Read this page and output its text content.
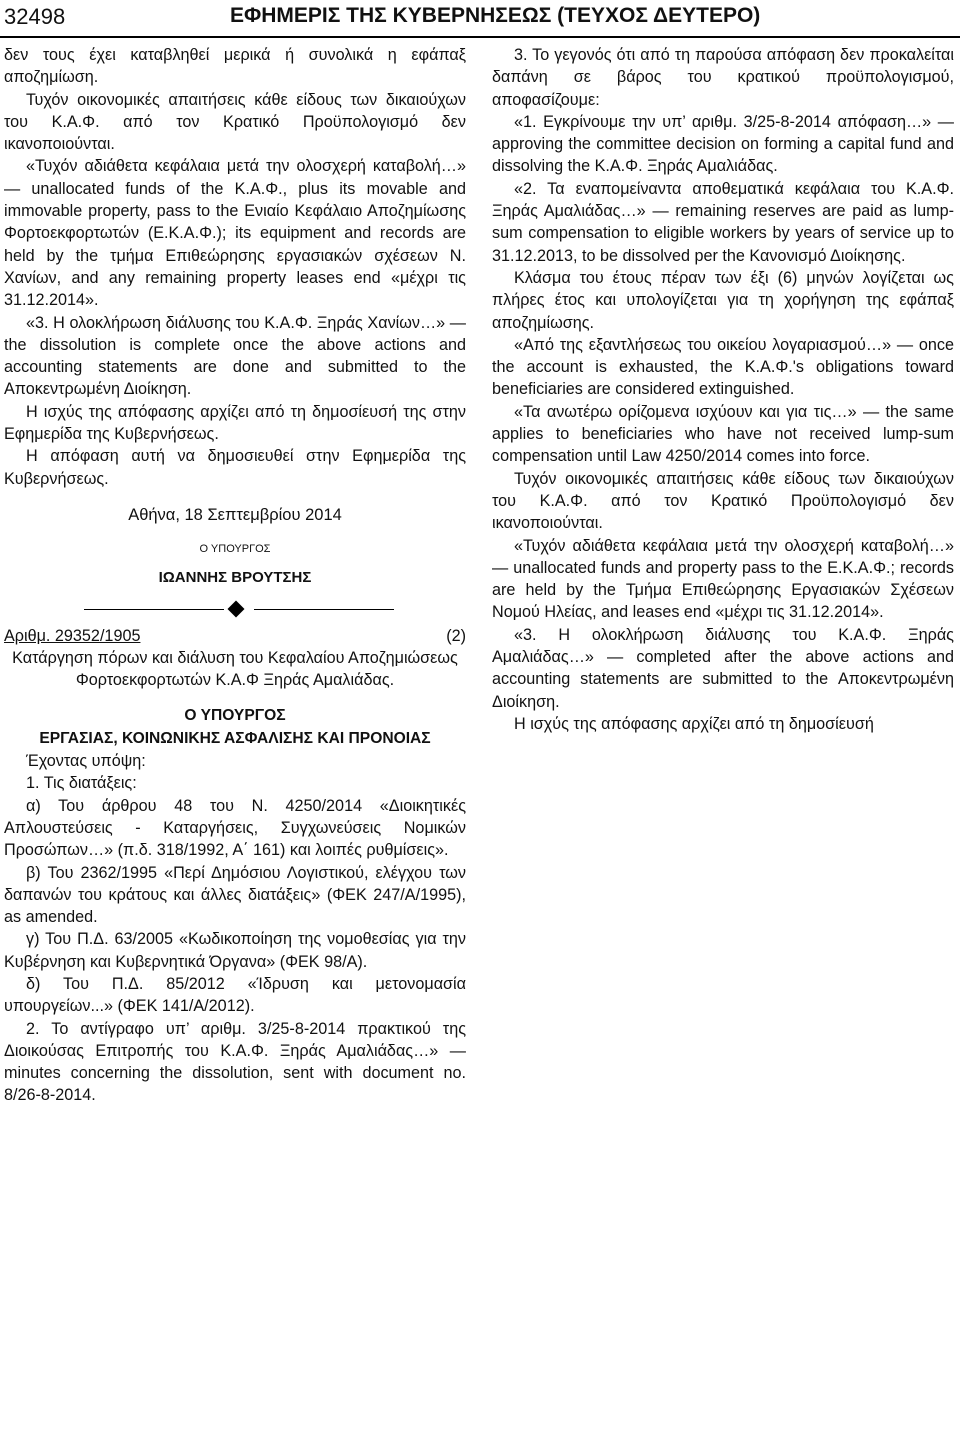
32498	ΕΦΗΜΕΡΙΣ ΤΗΣ ΚΥΒΕΡΝΗΣΕΩΣ (ΤΕΥΧΟΣ ΔΕΥΤΕΡΟ)

δεν τους έχει καταβληθεί μερικά ή συνολικά η εφάπαξ αποζημίωση.

Τυχόν οικονομικές απαιτήσεις κάθε είδους των δικαιούχων του Κ.Α.Φ. από τον Κρατικό Προϋπολογισμό δεν ικανοποιούνται.

«Τυχόν αδιάθετα κεφάλαια μετά την ολοσχερή καταβολή…» — unallocated funds of the Κ.Α.Φ., plus its movable and immovable property, pass to the Ενιαίο Κεφάλαιο Αποζημίωσης Φορτοεκφορτωτών (Ε.Κ.Α.Φ.); its equipment and records are held by the τμήμα Επιθεώρησης εργασιακών σχέσεων Ν. Χανίων, and any remaining property leases end «μέχρι τις 31.12.2014».

«3. Η ολοκλήρωση διάλυσης του Κ.Α.Φ. Ξηράς Χανίων…» — the dissolution is complete once the above actions and accounting statements are done and submitted to the Αποκεντρωμένη Διοίκηση.

Η ισχύς της απόφασης αρχίζει από τη δημοσίευσή της στην Εφημερίδα της Κυβερνήσεως.

Η απόφαση αυτή να δημοσιευθεί στην Εφημερίδα της Κυβερνήσεως.

Αθήνα, 18 Σεπτεμβρίου 2014

Ο ΥΠΟΥΡΓΟΣ

ΙΩΑΝΝΗΣ ΒΡΟΥΤΣΗΣ

Αριθμ. 29352/1905	(2)

Κατάργηση πόρων και διάλυση του Κεφαλαίου Αποζημιώσεως Φορτοεκφορτωτών Κ.Α.Φ Ξηράς Αμαλιάδας.

Ο ΥΠΟΥΡΓΟΣ

ΕΡΓΑΣΙΑΣ, ΚΟΙΝΩΝΙΚΗΣ ΑΣΦΑΛΙΣΗΣ ΚΑΙ ΠΡΟΝΟΙΑΣ

Έχοντας υπόψη:

1. Τις διατάξεις:

α) Του άρθρου 48 του Ν. 4250/2014 «Διοικητικές Απλουστεύσεις - Καταργήσεις, Συγχωνεύσεις Νομικών Προσώπων…» (π.δ. 318/1992, Α΄ 161) και λοιπές ρυθμίσεις».

β) Του 2362/1995 «Περί Δημόσιου Λογιστικού, ελέγχου των δαπανών του κράτους και άλλες διατάξεις» (ΦΕΚ 247/Α/1995), as amended.

γ) Του Π.Δ. 63/2005 «Κωδικοποίηση της νομοθεσίας για την Κυβέρνηση και Κυβερνητικά Όργανα» (ΦΕΚ 98/Α).

δ) Του Π.Δ. 85/2012 «Ίδρυση και μετονομασία υπουργείων...» (ΦΕΚ 141/Α/2012).

2. Το αντίγραφο υπ’ αριθμ. 3/25-8-2014 πρακτικού της Διοικούσας Επιτροπής του Κ.Α.Φ. Ξηράς Αμαλιάδας…» — minutes concerning the dissolution, sent with document no. 8/26-8-2014.

3. Το γεγονός ότι από τη παρούσα απόφαση δεν προκαλείται δαπάνη σε βάρος του κρατικού προϋπολογισμού, αποφασίζουμε:

«1. Εγκρίνουμε την υπ’ αριθμ. 3/25-8-2014 απόφαση…» — approving the committee decision on forming a capital fund and dissolving the Κ.Α.Φ. Ξηράς Αμαλιάδας.

«2. Τα εναπομείναντα αποθεματικά κεφάλαια του Κ.Α.Φ. Ξηράς Αμαλιάδας…» — remaining reserves are paid as lump-sum compensation to eligible workers by years of service up to 31.12.2013, to be dissolved per the Κανονισμό Διοίκησης.

Κλάσμα του έτους πέραν των έξι (6) μηνών λογίζεται ως πλήρες έτος και υπολογίζεται για τη χορήγηση της εφάπαξ αποζημίωσης.

«Από της εξαντλήσεως του οικείου λογαριασμού…» — once the account is exhausted, the Κ.Α.Φ.'s obligations toward beneficiaries are considered extinguished.

«Τα ανωτέρω ορίζομενα ισχύουν και για τις…» — the same applies to beneficiaries who have not received lump-sum compensation until Law 4250/2014 comes into force.

Τυχόν οικονομικές απαιτήσεις κάθε είδους των δικαιούχων του Κ.Α.Φ. από τον Κρατικό Προϋπολογισμό δεν ικανοποιούνται.

«Τυχόν αδιάθετα κεφάλαια μετά την ολοσχερή καταβολή…» — unallocated funds and property pass to the Ε.Κ.Α.Φ.; records are held by the Τμήμα Επιθεώρησης Εργασιακών Σχέσεων Νομού Ηλείας, and leases end «μέχρι τις 31.12.2014».

«3. Η ολοκλήρωση διάλυσης του Κ.Α.Φ. Ξηράς Αμαλιάδας…» — completed after the above actions and accounting statements are submitted to the Αποκεντρωμένη Διοίκηση.

Η ισχύς της απόφασης αρχίζει από τη δημοσίευσή
